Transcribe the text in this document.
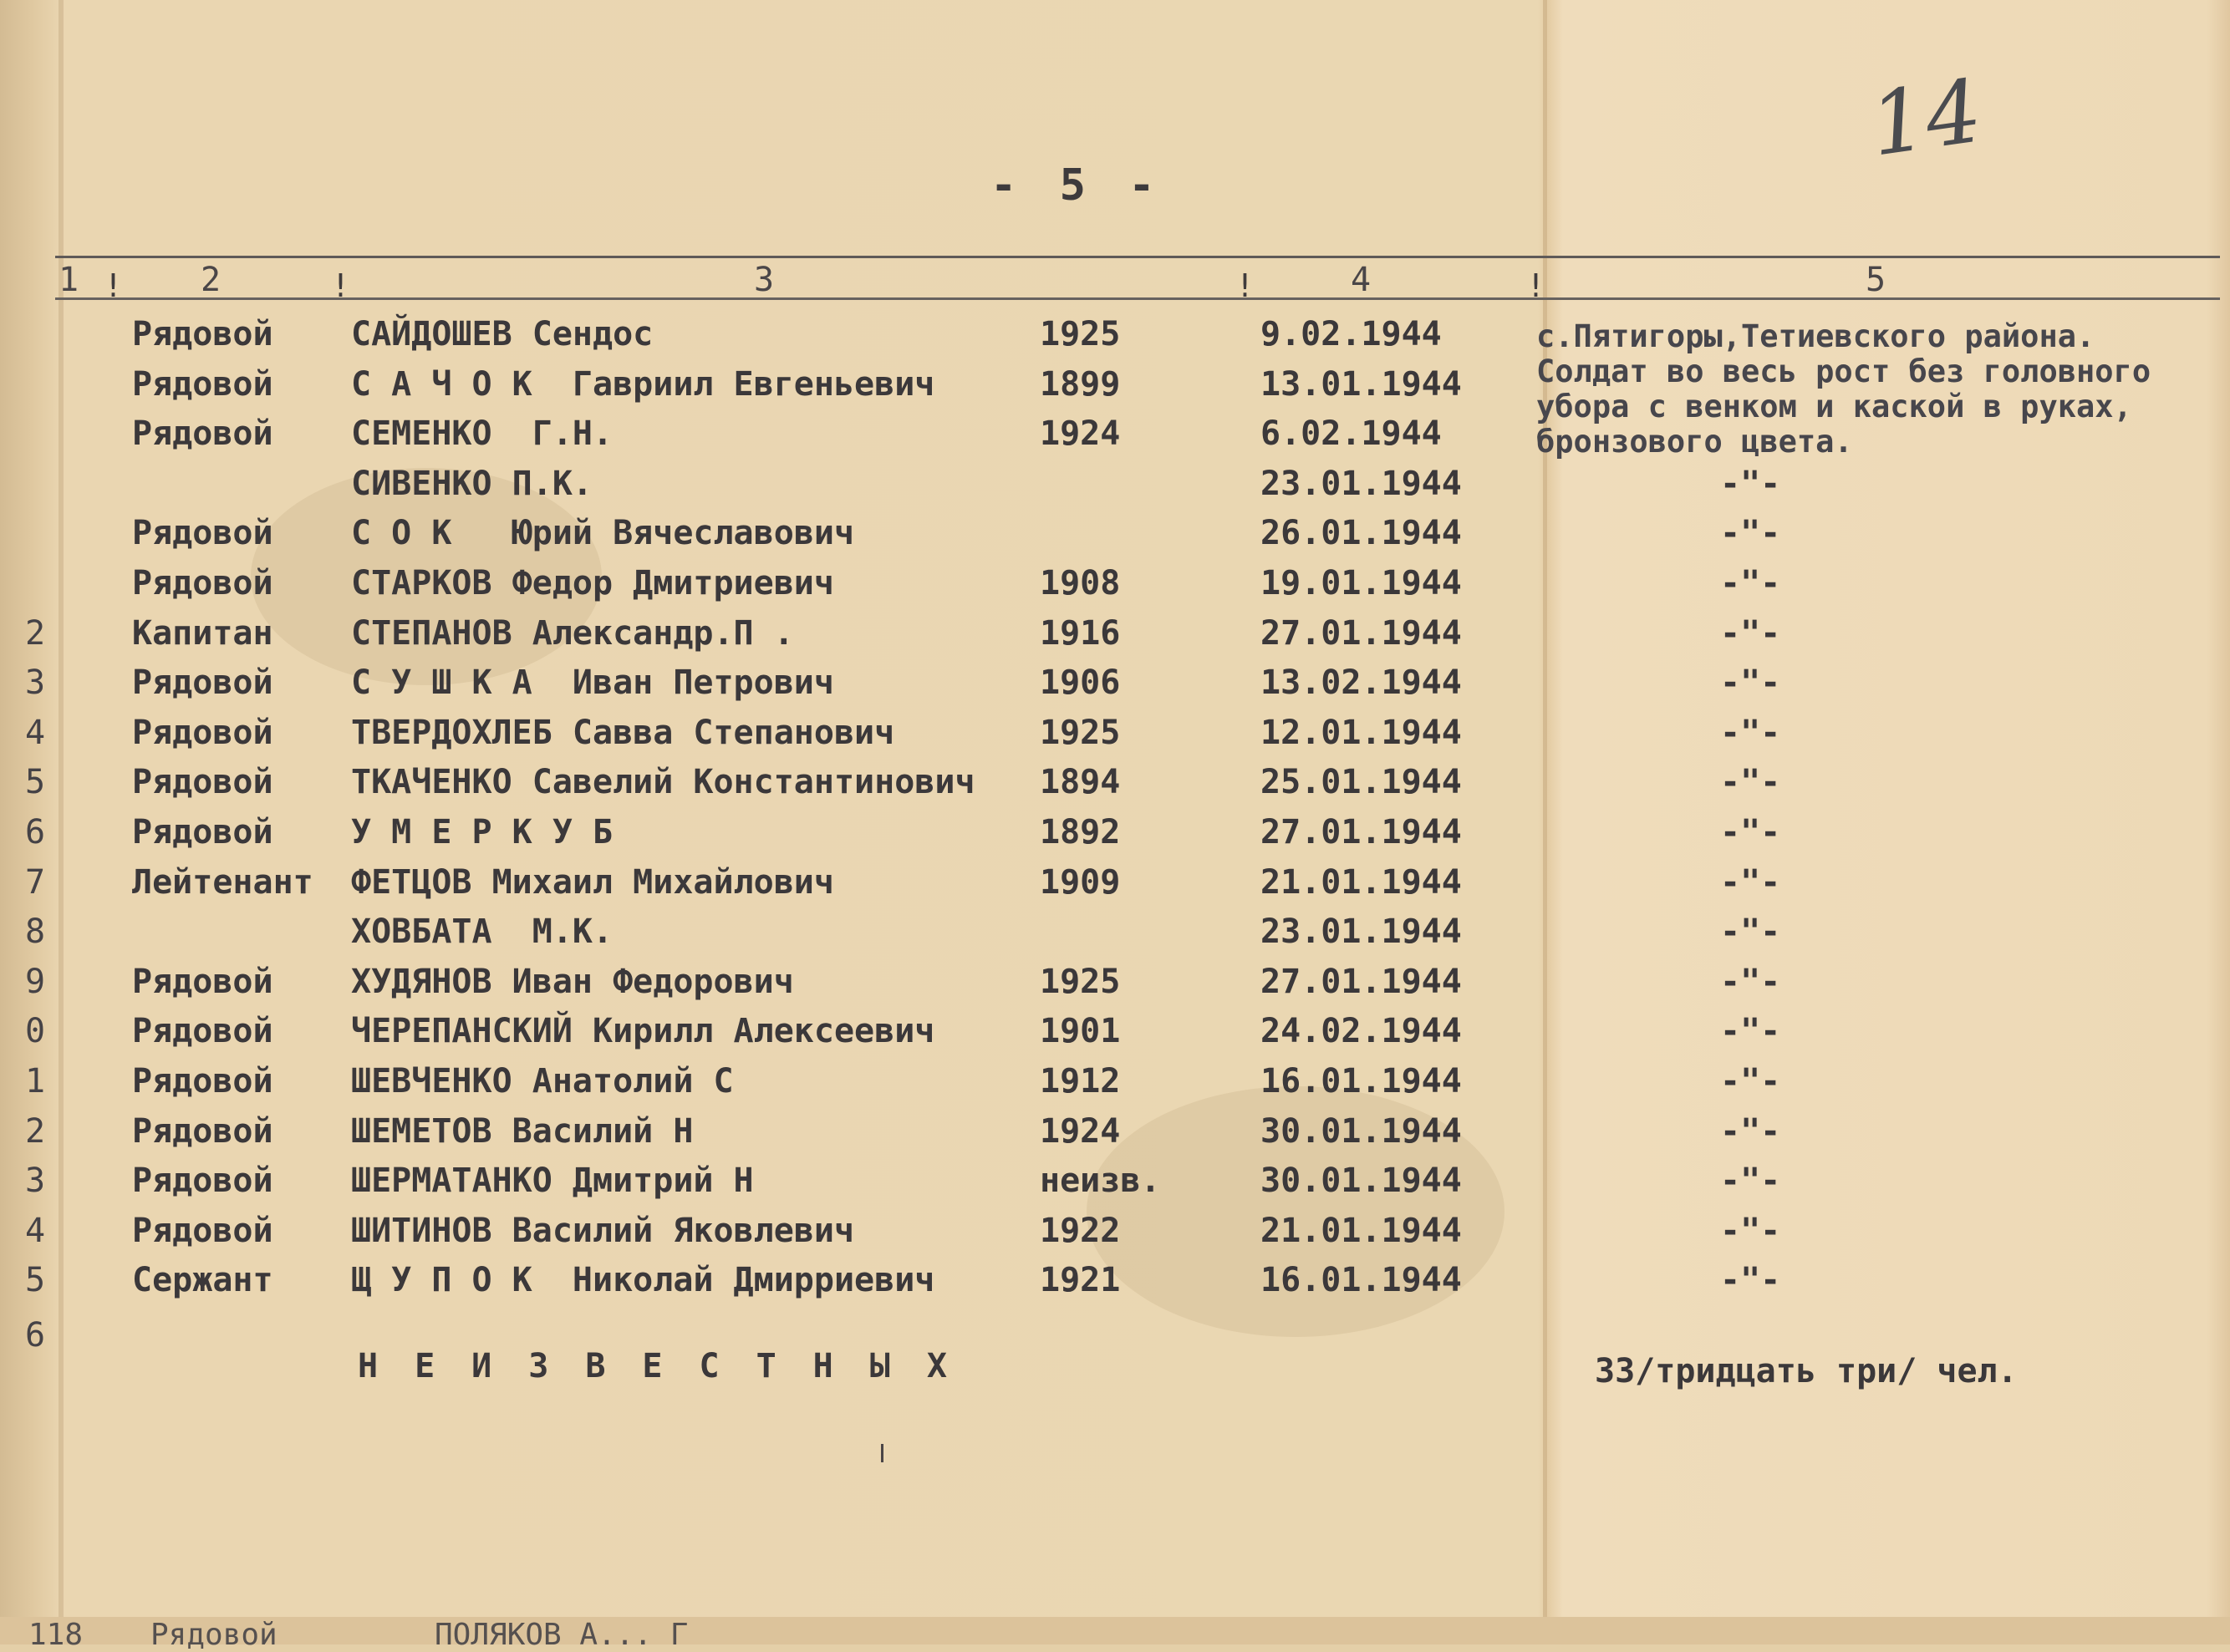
- 5 -
14
1 ! 2	!	3	!	4	!	5
Рядовой САЙДОШЕВ Сендос	1925	9.02.1944
Рядовой С А Ч О К  Гавриил Евгеньевич	1899	13.01.1944
Рядовой СЕМЕНКО  Г.Н.	1924	6.02.1944
СИВЕНКО П.К.	23.01.1944	-"-
Рядовой С О К   Юрий Вячеславович	26.01.1944	-"-
Рядовой СТАРКОВ Федор Дмитриевич	1908	19.01.1944	-"-
2	Капитан СТЕПАНОВ Александр.П .	1916	27.01.1944	-"-
3	Рядовой С У Ш К А  Иван Петрович	1906	13.02.1944	-"-
4	Рядовой ТВЕРДОХЛЕБ Савва Степанович	1925	12.01.1944	-"-
5	Рядовой ТКАЧЕНКО Савелий Константинович 1894	25.01.1944	-"-
6	Рядовой У М Е Р К У Б	1892	27.01.1944	-"-
7	Лейтенант ФЕТЦОВ Михаил Михайлович	1909	21.01.1944	-"-
8	ХОВБАТА  М.К.	23.01.1944	-"-
9	Рядовой ХУДЯНОВ Иван Федорович	1925	27.01.1944	-"-
0	Рядовой ЧЕРЕПАНСКИЙ Кирилл Алексеевич	1901	24.02.1944	-"-
1	Рядовой ШЕВЧЕНКО Анатолий С	1912	16.01.1944	-"-
2	Рядовой ШЕМЕТОВ Василий Н	1924	30.01.1944	-"-
3	Рядовой ШЕРМАТАНКО Дмитрий Н	неизв.	30.01.1944	-"-
4	Рядовой ШИТИНОВ Василий Яковлевич	1922	21.01.1944	-"-
5	Сержант Щ У П О К  Николай Дмирриевич	1921	16.01.1944	-"-
с.Пятигоры,Тетиевского района.
Солдат во весь рост без головного
убора с венком и каской в руках,
бронзового цвета.
6
НЕИЗВЕСТНЫХ	33/тридцать три/ чел.
118 Рядовой	ПОЛЯКОВ А... Г
